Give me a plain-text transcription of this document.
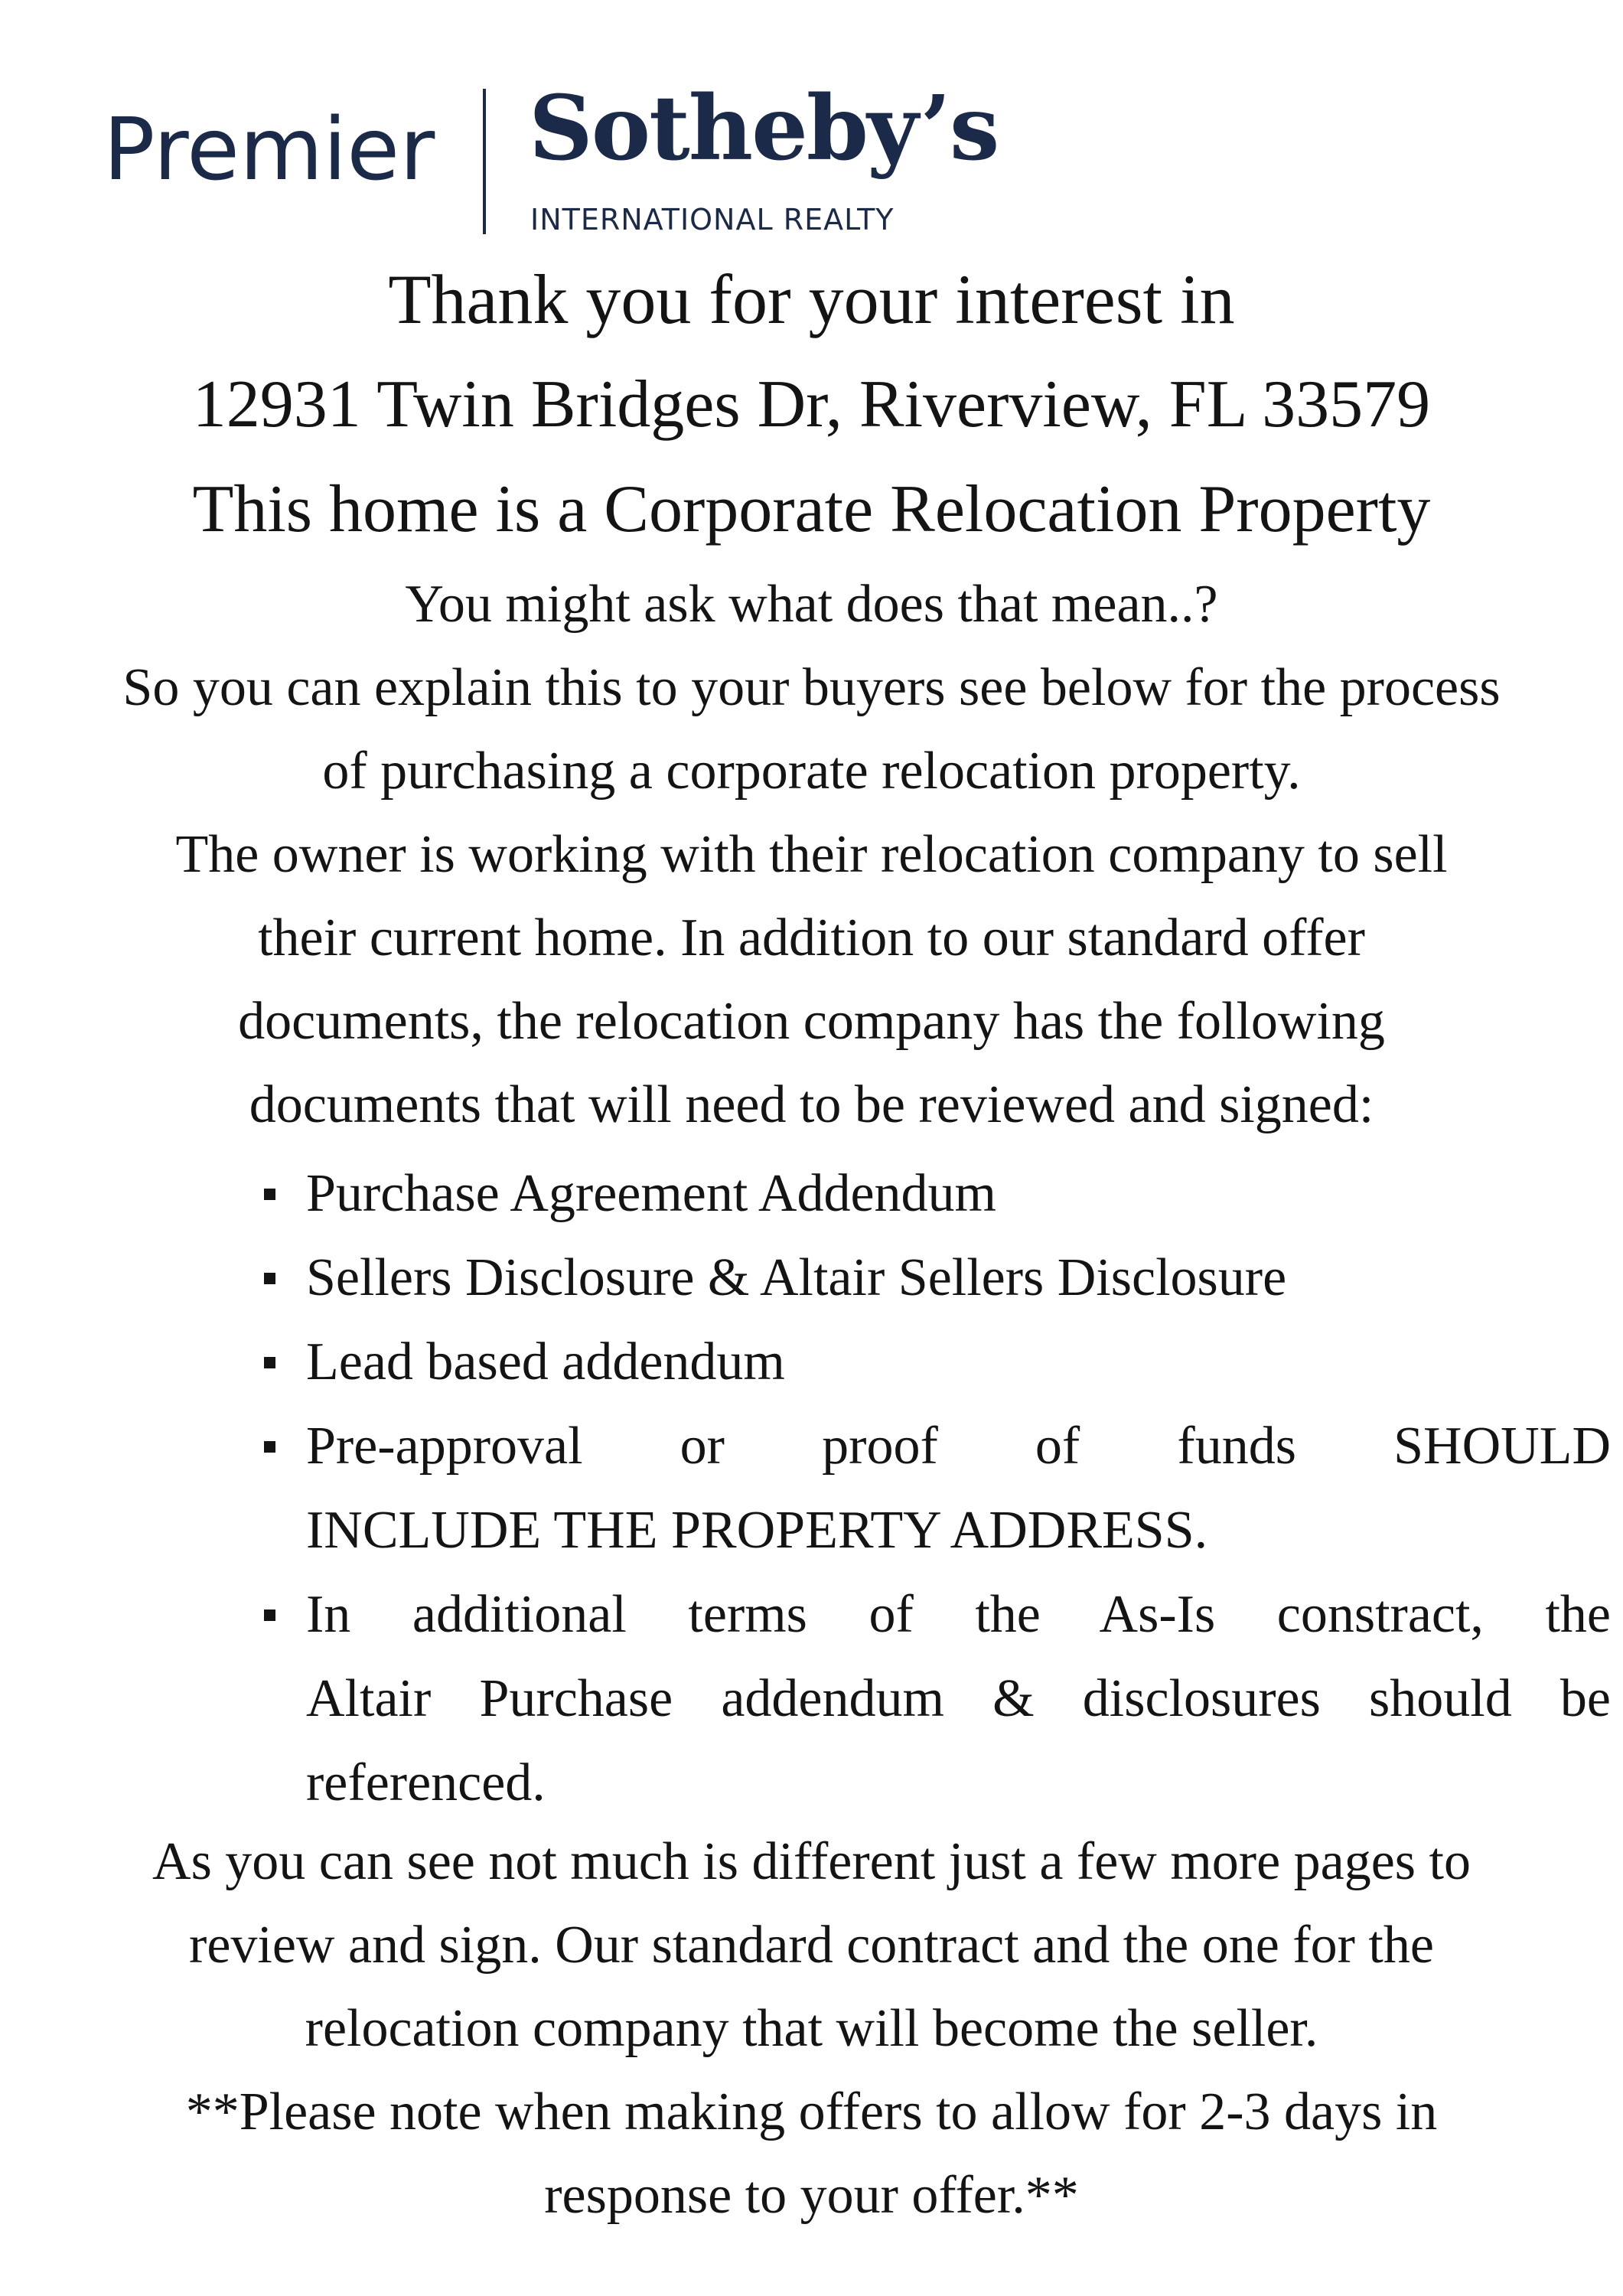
Premier Sotheby’s
INTERNATIONAL REALTY
Thank you for your interest in
12931 Twin Bridges Dr, Riverview, FL 33579
This home is a Corporate Relocation Property
You might ask what does that mean..?
So you can explain this to your buyers see below for the process
of purchasing a corporate relocation property.
The owner is working with their relocation company to sell
their current home. In addition to our standard offer
documents, the relocation company has the following
documents that will need to be reviewed and signed:
Purchase Agreement Addendum
Sellers Disclosure & Altair Sellers Disclosure
Lead based addendum
Pre-approval or proof of funds SHOULD
INCLUDE THE PROPERTY ADDRESS.
In additional terms of the As-Is constract, the
Altair Purchase addendum & disclosures should be
referenced.
As you can see not much is different just a few more pages to
review and sign. Our standard contract and the one for the
relocation company that will become the seller.
**Please note when making offers to allow for 2-3 days in
response to your offer.**
